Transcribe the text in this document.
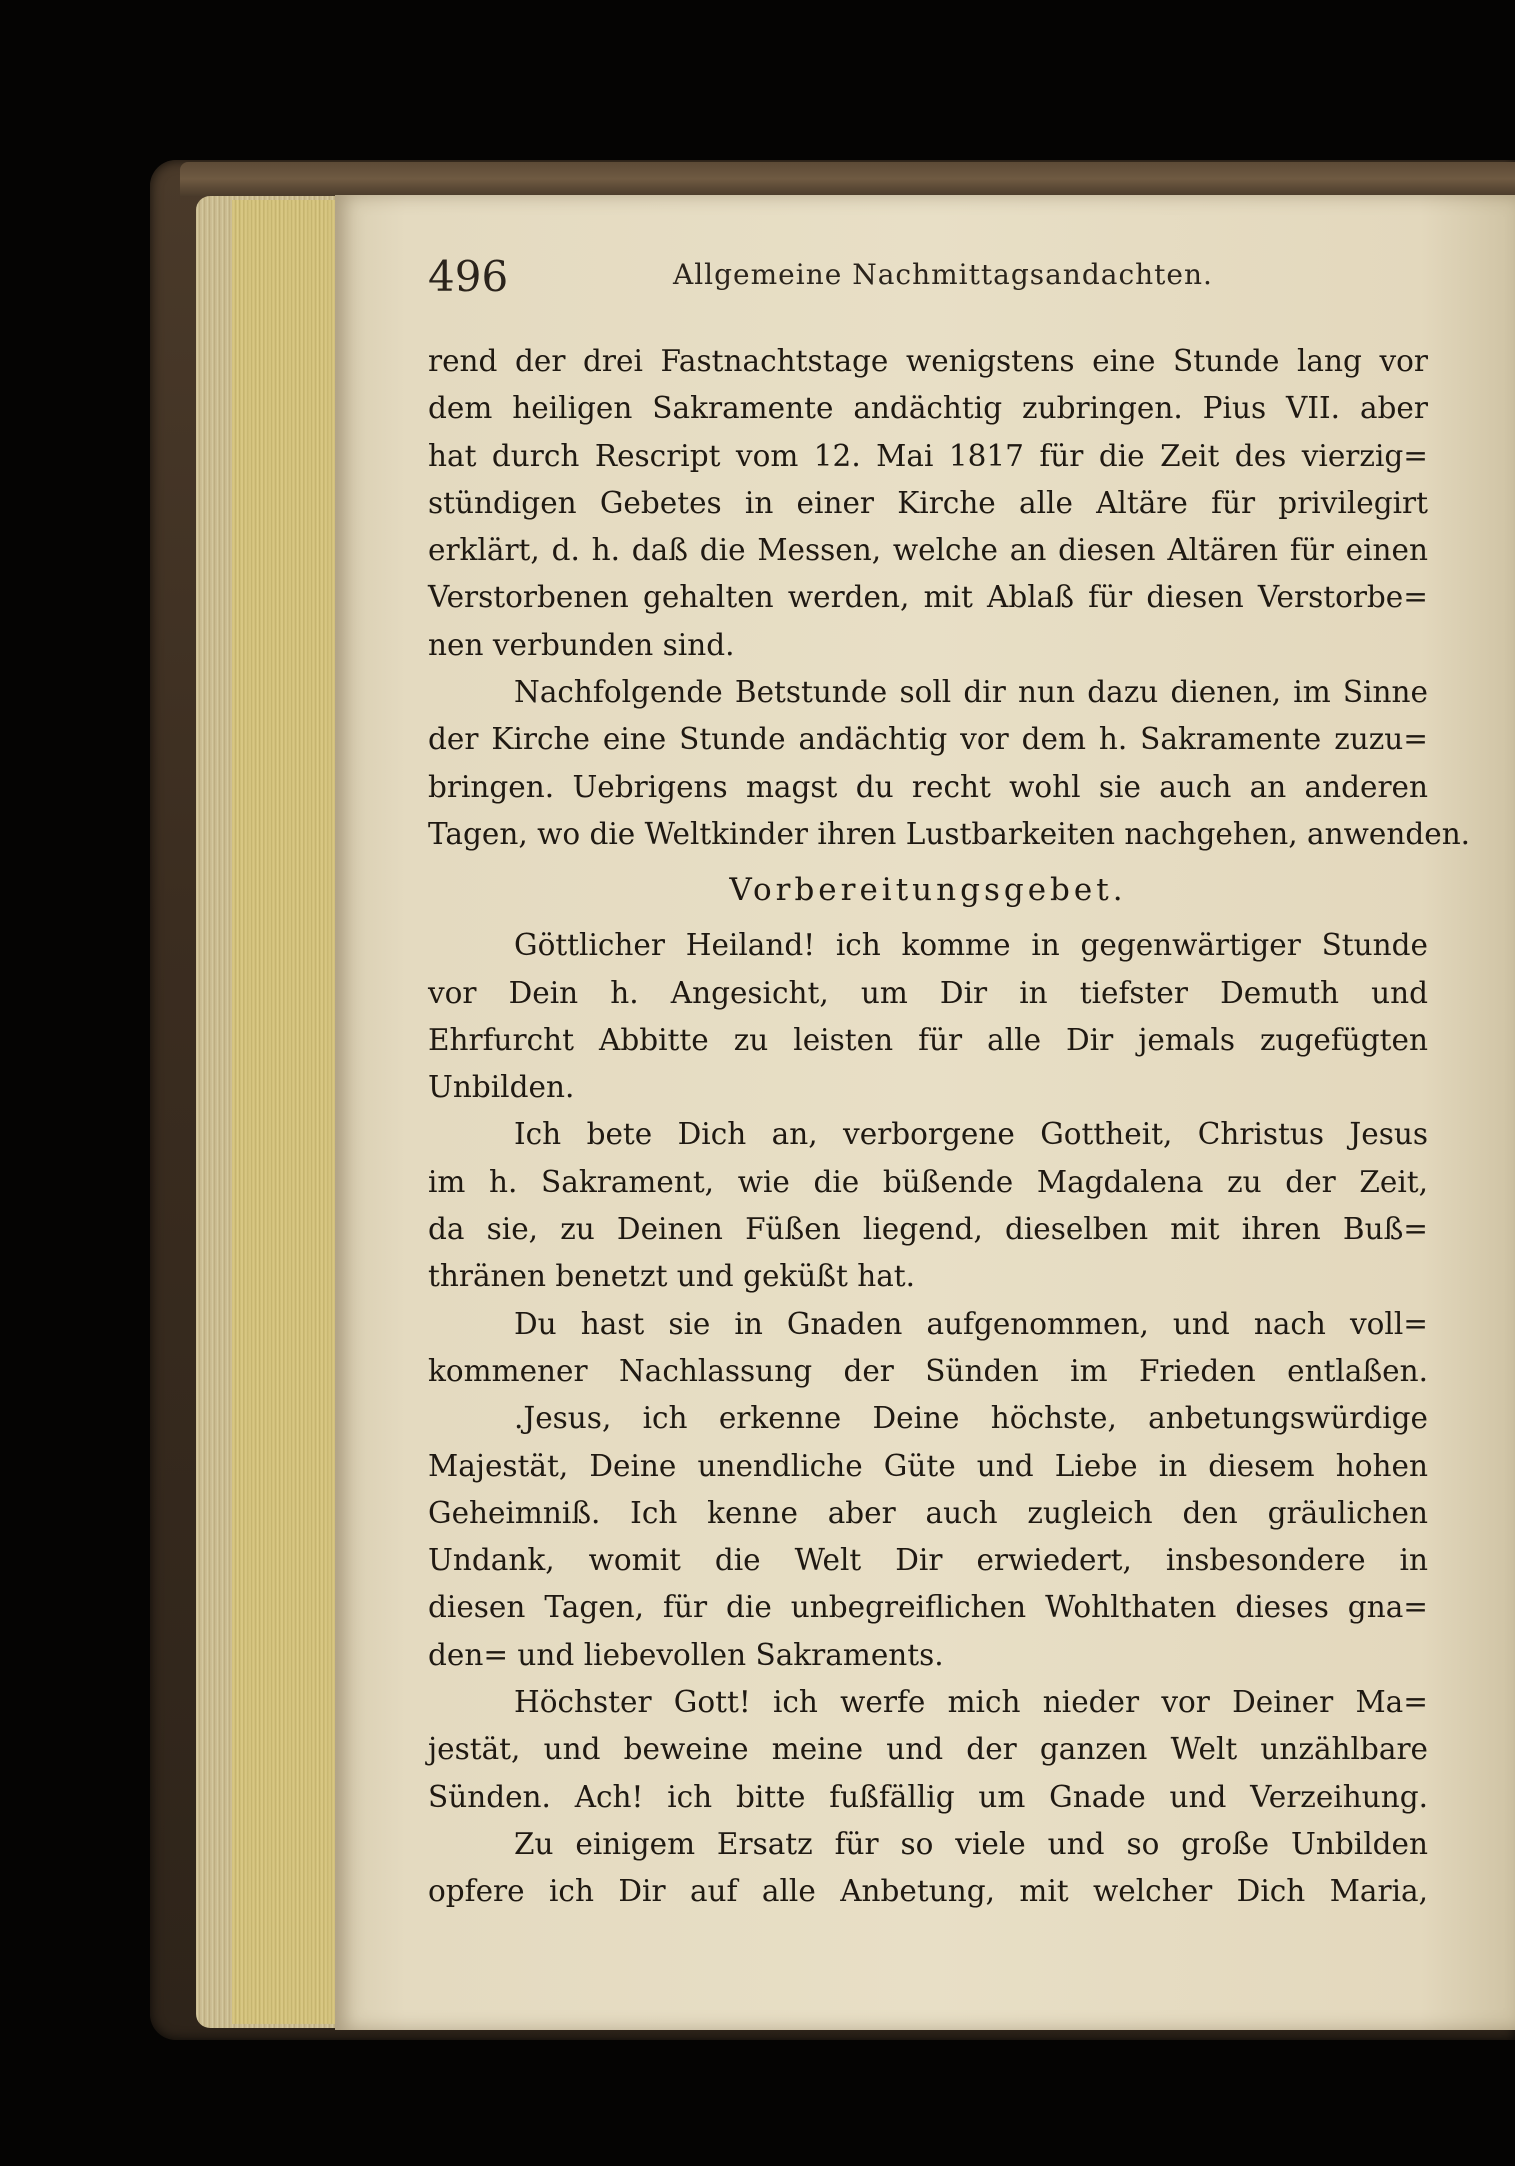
496	Allgemeine Nachmittagsandachten.
rend der drei Fastnachtstage wenigstens eine Stunde lang vor
dem heiligen Sakramente andächtig zubringen. Pius VII. aber
hat durch Rescript vom 12. Mai 1817 für die Zeit des vierzig=
stündigen Gebetes in einer Kirche alle Altäre für privilegirt
erklärt, d. h. daß die Messen, welche an diesen Altären für einen
Verstorbenen gehalten werden, mit Ablaß für diesen Verstorbe=
nen verbunden sind.
Nachfolgende Betstunde soll dir nun dazu dienen, im Sinne
der Kirche eine Stunde andächtig vor dem h. Sakramente zuzu=
bringen. Uebrigens magst du recht wohl sie auch an anderen
Tagen, wo die Weltkinder ihren Lustbarkeiten nachgehen, anwenden.
Vorbereitungsgebet.
Göttlicher Heiland! ich komme in gegenwärtiger Stunde
vor Dein h. Angesicht, um Dir in tiefster Demuth und
Ehrfurcht Abbitte zu leisten für alle Dir jemals zugefügten
Unbilden.
Ich bete Dich an, verborgene Gottheit, Christus Jesus
im h. Sakrament, wie die büßende Magdalena zu der Zeit,
da sie, zu Deinen Füßen liegend, dieselben mit ihren Buß=
thränen benetzt und geküßt hat.
Du hast sie in Gnaden aufgenommen, und nach voll=
kommener Nachlassung der Sünden im Frieden entlaßen.
.Jesus, ich erkenne Deine höchste, anbetungswürdige
Majestät, Deine unendliche Güte und Liebe in diesem hohen
Geheimniß. Ich kenne aber auch zugleich den gräulichen
Undank, womit die Welt Dir erwiedert, insbesondere in
diesen Tagen, für die unbegreiflichen Wohlthaten dieses gna=
den= und liebevollen Sakraments.
Höchster Gott! ich werfe mich nieder vor Deiner Ma=
jestät, und beweine meine und der ganzen Welt unzählbare
Sünden. Ach! ich bitte fußfällig um Gnade und Verzeihung.
Zu einigem Ersatz für so viele und so große Unbilden
opfere ich Dir auf alle Anbetung, mit welcher Dich Maria,
